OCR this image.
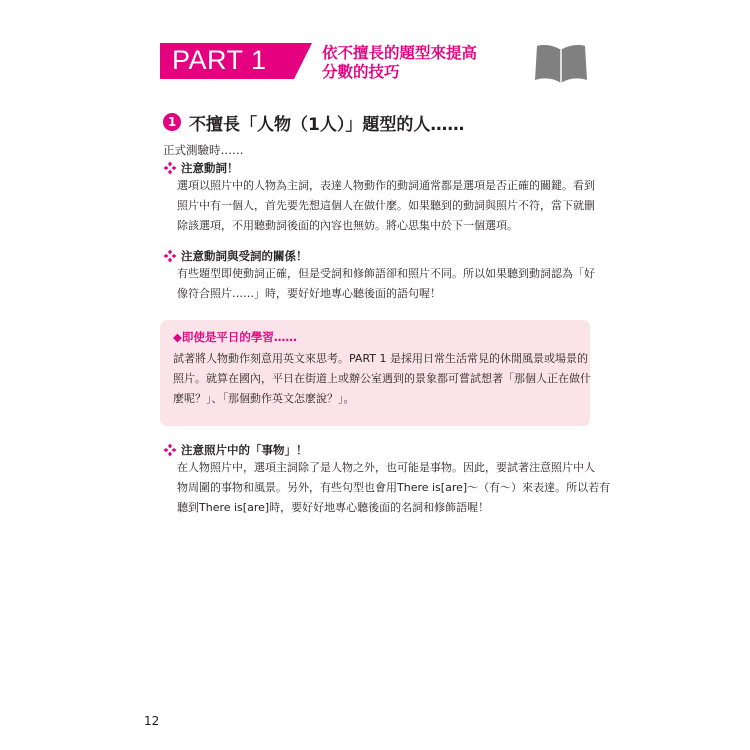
PART 1	依不擅長的題型來提高
分數的技巧
1 不擅長「人物（1人）」題型的人……
正式測驗時……
注意動詞！

選項以照片中的人物為主詞，表達人物動作的動詞通常都是選項是否正確的關鍵。看到

照片中有一個人，首先要先想這個人在做什麼。如果聽到的動詞與照片不符，當下就刪

除該選項，不用聽動詞後面的內容也無妨。將心思集中於下一個選項。

注意動詞與受詞的關係！

有些題型即使動詞正確，但是受詞和修飾語卻和照片不同。所以如果聽到動詞認為「好

像符合照片……」時，要好好地專心聽後面的語句喔！

◆即使是平日的學習……

試著將人物動作刻意用英文來思考。PART 1 是採用日常生活常見的休閒風景或場景的

照片。就算在國內，平日在街道上或辦公室遇到的景象都可嘗試想著「那個人正在做什

麼呢？」、「那個動作英文怎麼說？」。

注意照片中的「事物」！

在人物照片中，選項主詞除了是人物之外，也可能是事物。因此，要試著注意照片中人

物周圍的事物和風景。另外，有些句型也會用There is[are]～（有～）來表達。所以若有

聽到There is[are]時，要好好地專心聽後面的名詞和修飾語喔！

12
